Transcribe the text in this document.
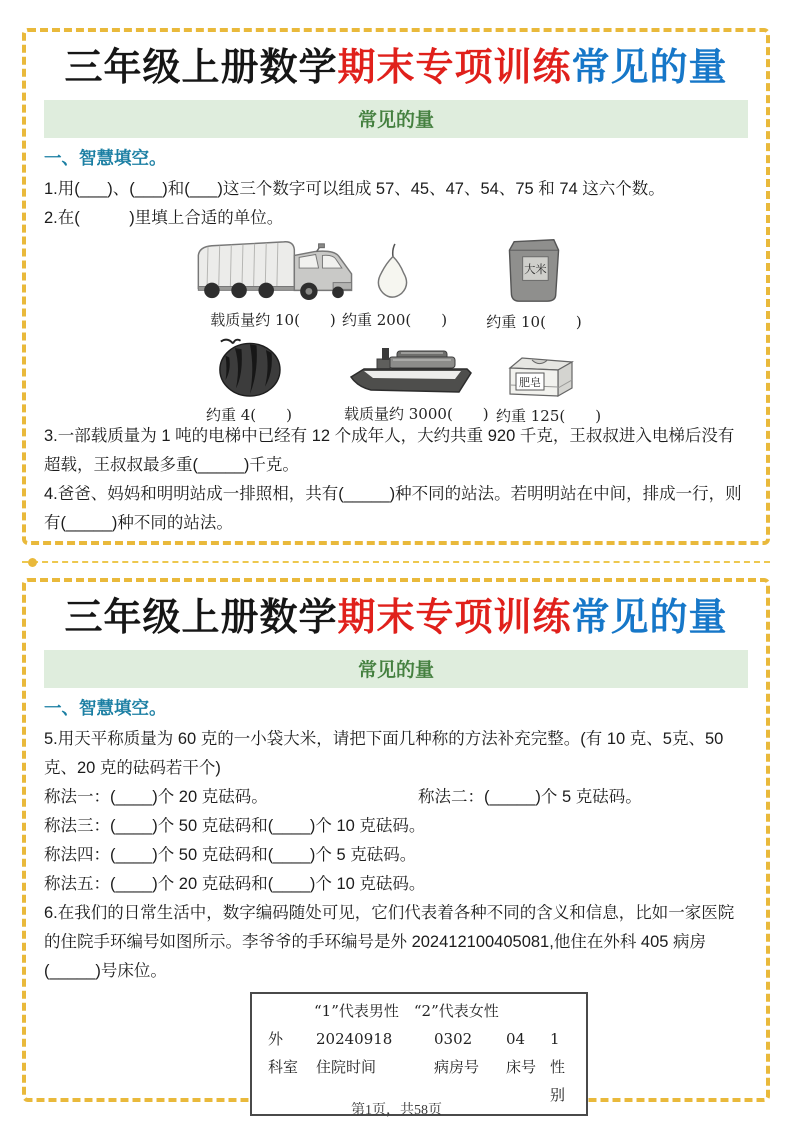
三年级上册数学期末专项训练常见的量
常见的量
一、智慧填空。

1.用(___)、(___)和(___)这三个数字可以组成 57、45、47、54、75 和 74 这六个数。

2.在(　　　)里填上合适的单位。

载质量约 10(　　) 约重 200(　　)
大米
约重 10(　　)
约重 4(　　)	载质量约 3000(　　)
肥皂
约重 125(　　)

3.一部载质量为 1 吨的电梯中已经有 12 个成年人，大约共重 920 千克，王叔叔进入电梯后没有超载，王叔叔最多重(_____)千克。

4.爸爸、妈妈和明明站成一排照相，共有(_____)种不同的站法。若明明站在中间，排成一行，则有(_____)种不同的站法。

三年级上册数学期末专项训练常见的量
常见的量
一、智慧填空。

5.用天平称质量为 60 克的一小袋大米，请把下面几种称的方法补充完整。(有 10 克、5克、50 克、20 克的砝码若干个)

称法一：(____)个 20 克砝码。	称法二：(_____)个 5 克砝码。

称法三：(____)个 50 克砝码和(____)个 10 克砝码。

称法四：(____)个 50 克砝码和(____)个 5 克砝码。

称法五：(____)个 20 克砝码和(____)个 10 克砝码。

6.在我们的日常生活中，数字编码随处可见，它们代表着各种不同的含义和信息，比如一家医院的住院手环编号如图所示。李爷爷的手环编号是外 202412100405081,他住在外科 405 病房(_____)号床位。

“1”代表男性　“2”代表女性
外	20240918	0302	04	1
科室	住院时间	病房号	床号 性别
第1页，共58页
